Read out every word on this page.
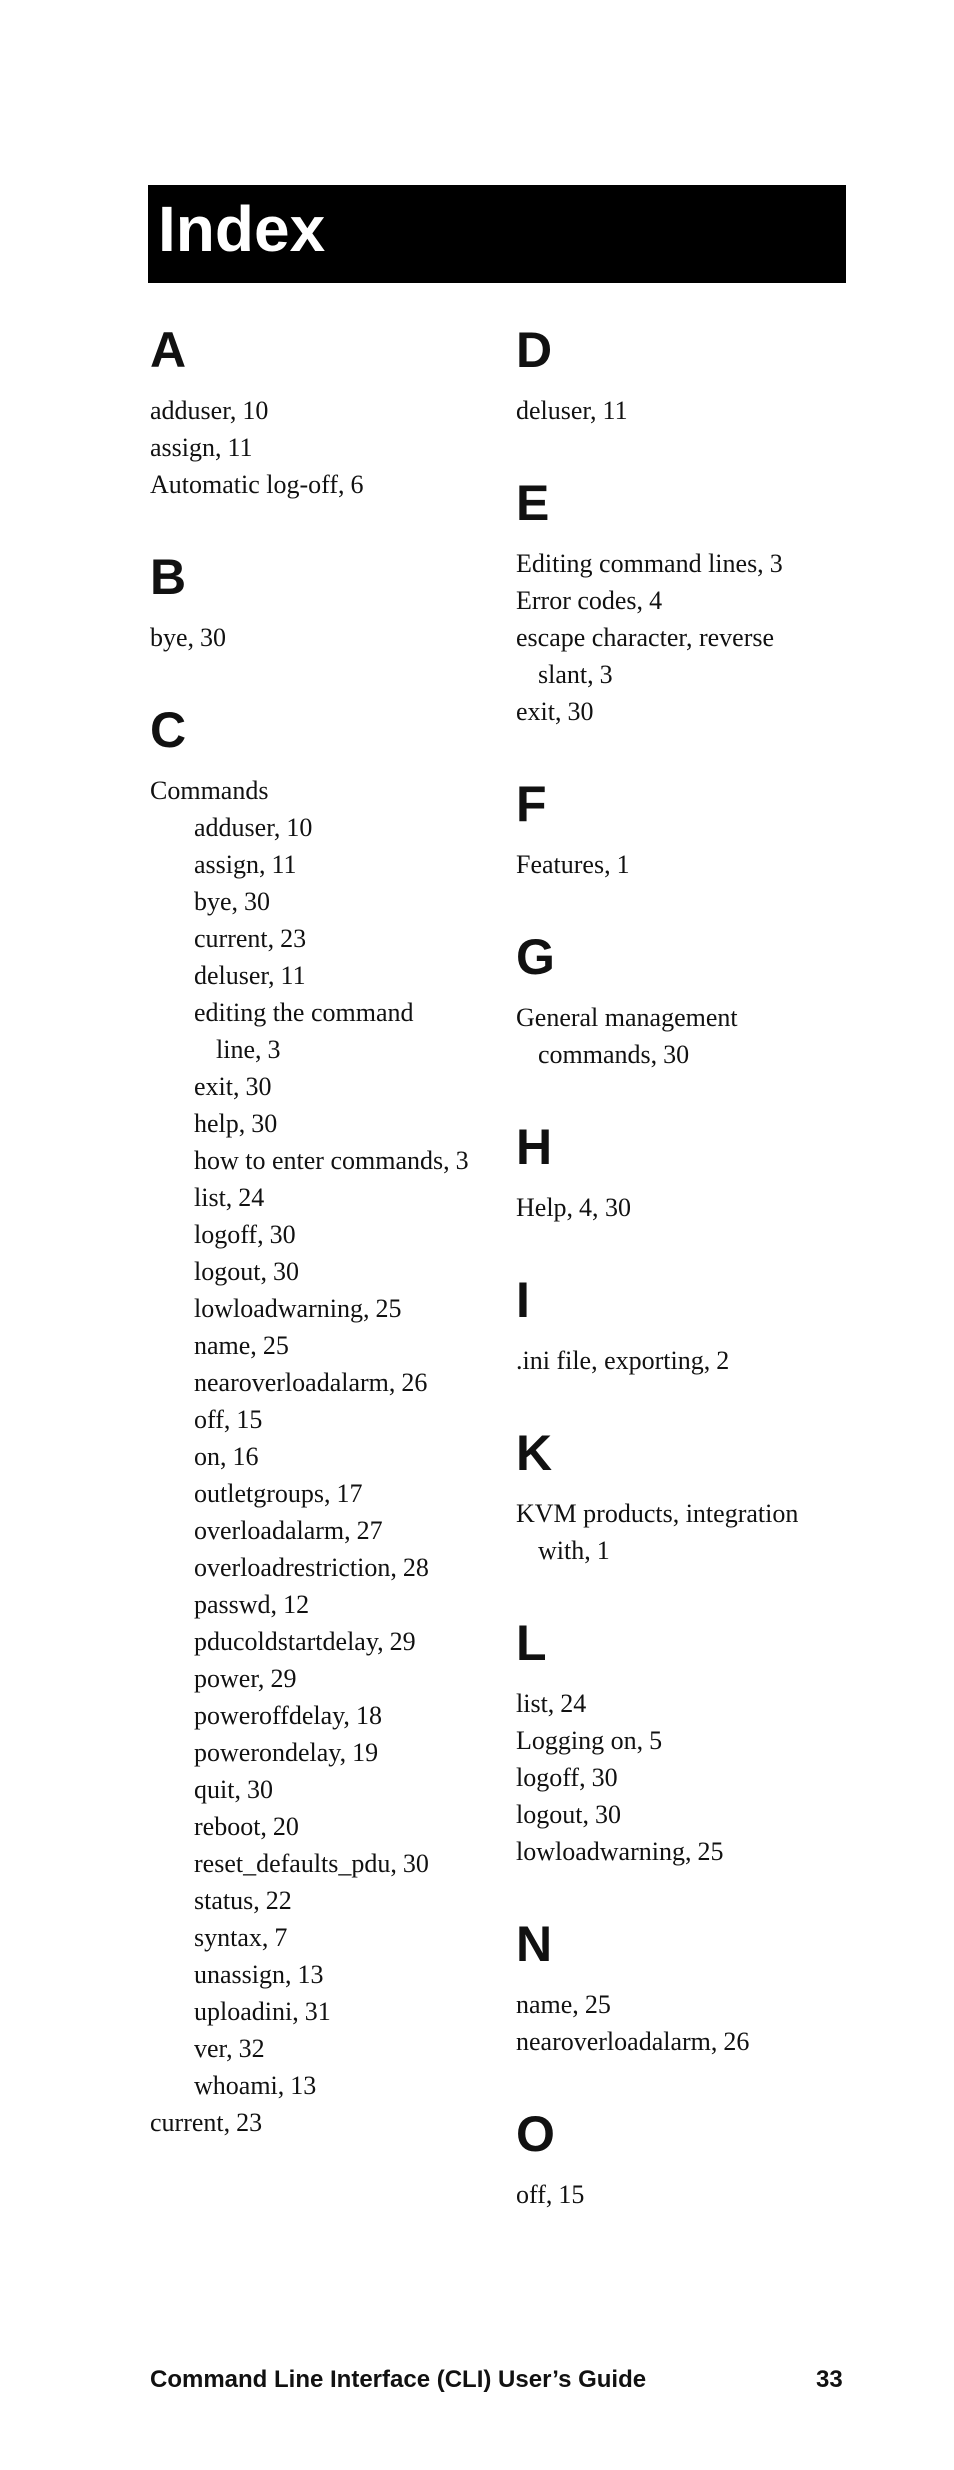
Index
A
adduser, 10
assign, 11
Automatic log-off, 6
B
bye, 30
C
Commands
adduser, 10
assign, 11
bye, 30
current, 23
deluser, 11
editing the command line, 3
exit, 30
help, 30
how to enter commands, 3
list, 24
logoff, 30
logout, 30
lowloadwarning, 25
name, 25
nearoverloadalarm, 26
off, 15
on, 16
outletgroups, 17
overloadalarm, 27
overloadrestriction, 28
passwd, 12
pducoldstartdelay, 29
power, 29
poweroffdelay, 18
powerondelay, 19
quit, 30
reboot, 20
reset_defaults_pdu, 30
status, 22
syntax, 7
unassign, 13
uploadini, 31
ver, 32
whoami, 13
current, 23
D
deluser, 11
E
Editing command lines, 3
Error codes, 4
escape character, reverse slant, 3
exit, 30
F
Features, 1
G
General management commands, 30
H
Help, 4, 30
I
.ini file, exporting, 2
K
KVM products, integration with, 1
L
list, 24
Logging on, 5
logoff, 30
logout, 30
lowloadwarning, 25
N
name, 25
nearoverloadalarm, 26
O
off, 15
Command Line Interface (CLI) User’s Guide	33
